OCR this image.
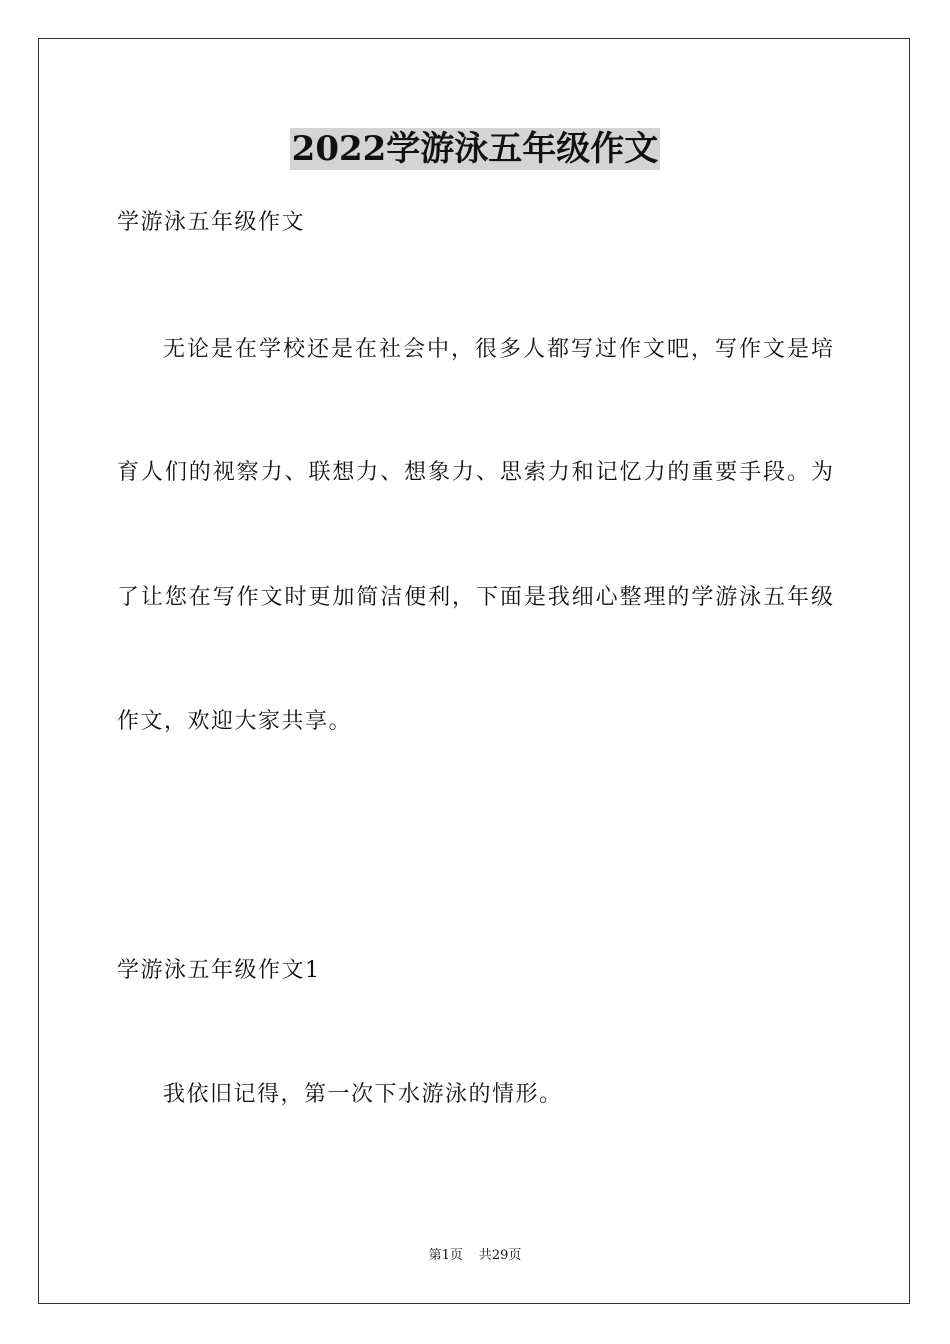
2022学游泳五年级作文
学游泳五年级作文
无论是在学校还是在社会中，很多人都写过作文吧，写作文是培
育人们的视察力、联想力、想象力、思索力和记忆力的重要手段。为
了让您在写作文时更加简洁便利，下面是我细心整理的学游泳五年级
作文，欢迎大家共享。
学游泳五年级作文1
我依旧记得，第一次下水游泳的情形。
第1页 共29页
